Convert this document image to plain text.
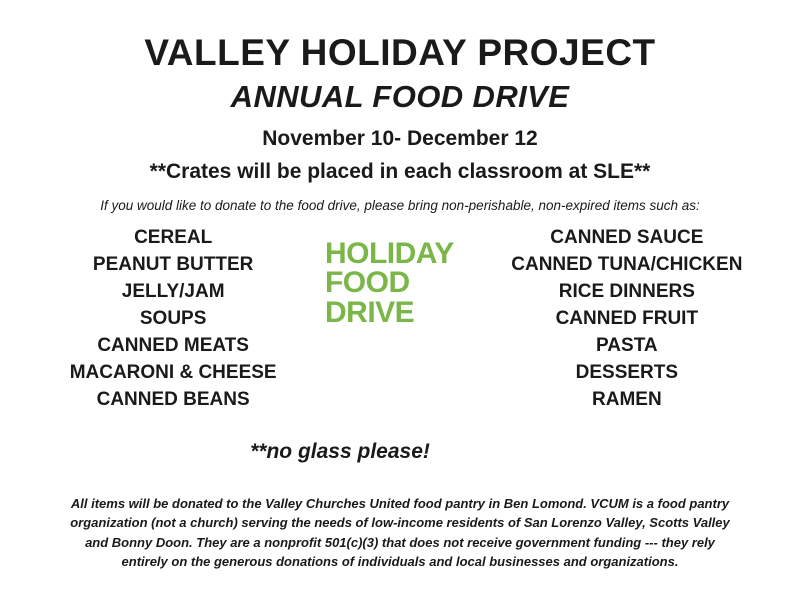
VALLEY HOLIDAY PROJECT
ANNUAL FOOD DRIVE
November 10- December 12
**Crates will be placed in each classroom at SLE**
If you would like to donate to the food drive, please bring non-perishable, non-expired items such as:
CEREAL
PEANUT BUTTER
JELLY/JAM
SOUPS
CANNED MEATS
MACARONI & CHEESE
CANNED BEANS
HOLIDAY
FOOD
DRIVE
CANNED SAUCE
CANNED TUNA/CHICKEN
RICE DINNERS
CANNED FRUIT
PASTA
DESSERTS
RAMEN
**no glass please!
All items will be donated to the Valley Churches United food pantry in Ben Lomond. VCUM is a food pantry organization (not a church) serving the needs of low-income residents of San Lorenzo Valley, Scotts Valley and Bonny Doon. They are a nonprofit 501(c)(3) that does not receive government funding --- they rely entirely on the generous donations of individuals and local businesses and organizations.
